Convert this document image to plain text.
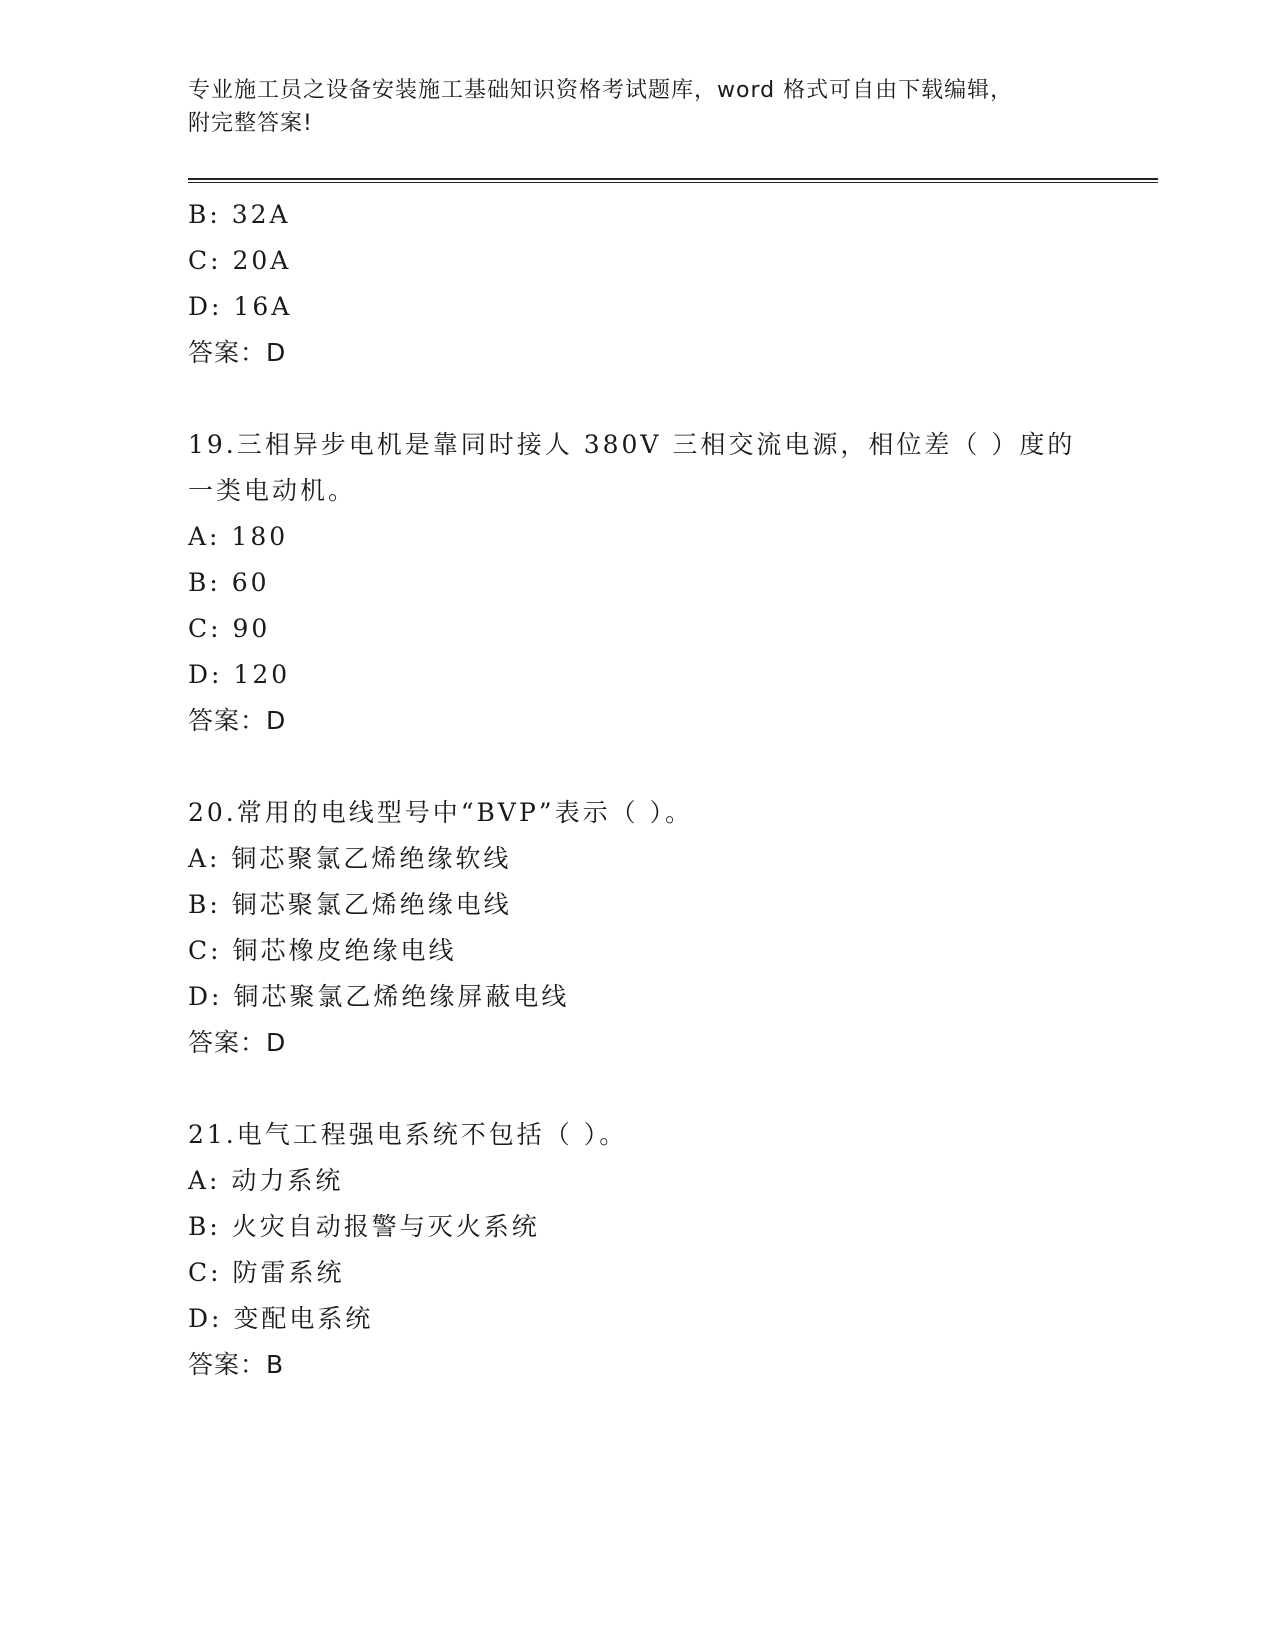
专业施工员之设备安装施工基础知识资格考试题库，word 格式可自由下载编辑，
附完整答案!
B: 32A
C: 20A
D: 16A
答案：D
19.三相异步电机是靠同时接人 380V 三相交流电源，相位差（ ）度的
一类电动机。
A: 180
B: 60
C: 90
D: 120
答案：D
20.常用的电线型号中“BVP”表示（ ）。
A: 铜芯聚氯乙烯绝缘软线
B: 铜芯聚氯乙烯绝缘电线
C: 铜芯橡皮绝缘电线
D: 铜芯聚氯乙烯绝缘屏蔽电线
答案：D
21.电气工程强电系统不包括（ ）。
A: 动力系统
B: 火灾自动报警与灭火系统
C: 防雷系统
D: 变配电系统
答案：B
